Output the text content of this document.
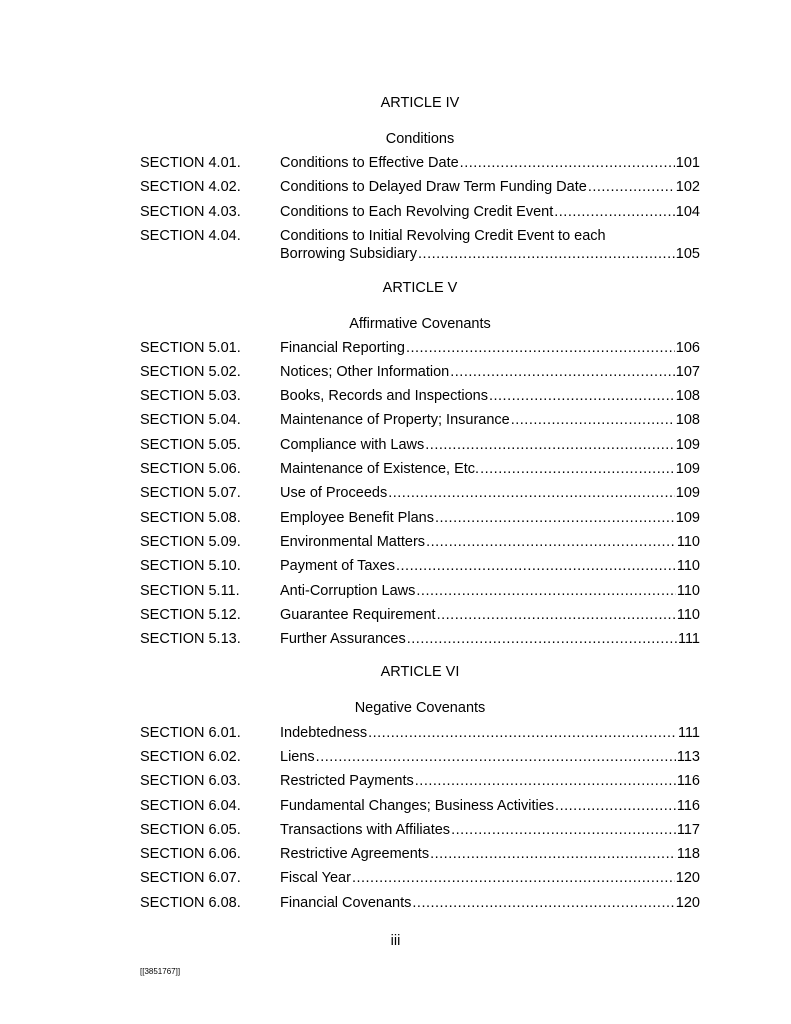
ARTICLE IV
Conditions
SECTION 4.01.	Conditions to Effective Date .....	101
SECTION 4.02.	Conditions to Delayed Draw Term Funding Date .....	102
SECTION 4.03.	Conditions to Each Revolving Credit Event .....	104
SECTION 4.04.	Conditions to Initial Revolving Credit Event to each
Borrowing Subsidiary .....	105
ARTICLE V
Affirmative Covenants
SECTION 5.01.	Financial Reporting .....	106
SECTION 5.02.	Notices; Other Information .....	107
SECTION 5.03.	Books, Records and Inspections .....	108
SECTION 5.04.	Maintenance of Property; Insurance .....	108
SECTION 5.05.	Compliance with Laws .....	109
SECTION 5.06.	Maintenance of Existence, Etc. .....	109
SECTION 5.07.	Use of Proceeds .....	109
SECTION 5.08.	Employee Benefit Plans .....	109
SECTION 5.09.	Environmental Matters .....	110
SECTION 5.10.	Payment of Taxes .....	110
SECTION 5.11.	Anti-Corruption Laws .....	110
SECTION 5.12.	Guarantee Requirement .....	110
SECTION 5.13.	Further Assurances .....	111
ARTICLE VI
Negative Covenants
SECTION 6.01.	Indebtedness .....	111
SECTION 6.02.	Liens .....	113
SECTION 6.03.	Restricted Payments .....	116
SECTION 6.04.	Fundamental Changes; Business Activities .....	116
SECTION 6.05.	Transactions with Affiliates .....	117
SECTION 6.06.	Restrictive Agreements .....	118
SECTION 6.07.	Fiscal Year .....	120
SECTION 6.08.	Financial Covenants .....	120
iii
[[3851767]]
